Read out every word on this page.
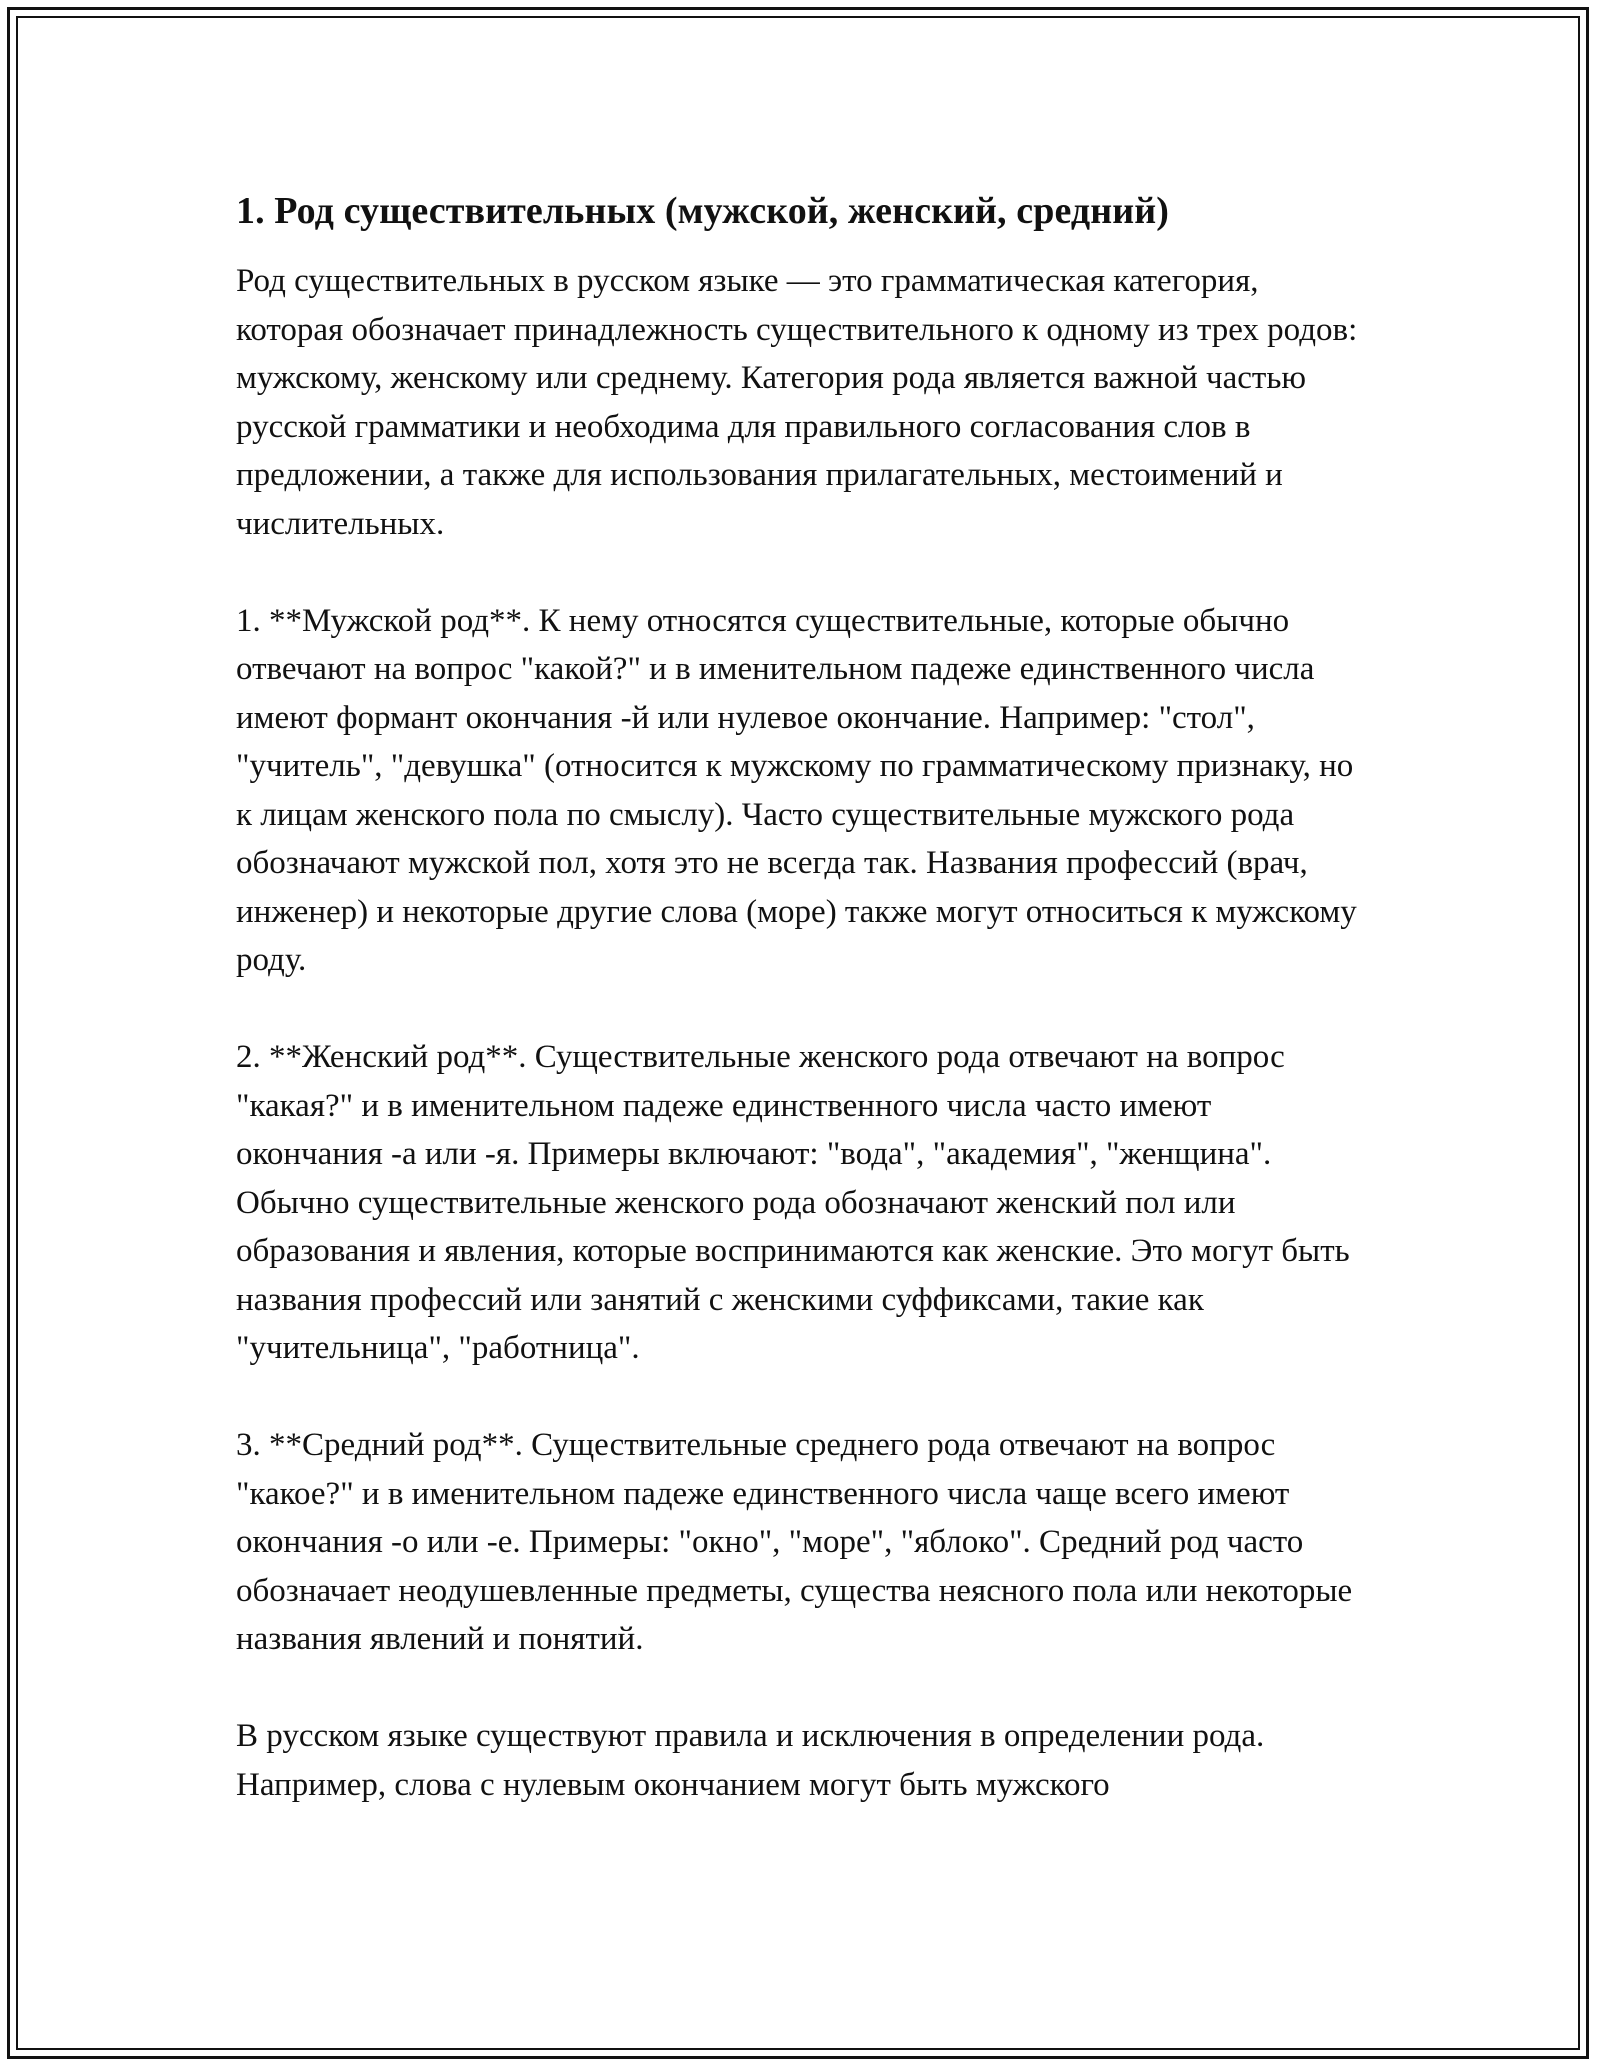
1. Род существительных (мужской, женский, средний)

Род существительных в русском языке — это грамматическая категория, которая обозначает принадлежность существительного к одному из трех родов: мужскому, женскому или среднему. Категория рода является важной частью русской грамматики и необходима для правильного согласования слов в предложении, а также для использования прилагательных, местоимений и числительных.

1. **Мужской род**. К нему относятся существительные, которые обычно отвечают на вопрос "какой?" и в именительном падеже единственного числа имеют формант окончания -й или нулевое окончание. Например: "стол", "учитель", "девушка" (относится к мужскому по грамматическому признаку, но к лицам женского пола по смыслу). Часто существительные мужского рода обозначают мужской пол, хотя это не всегда так. Названия профессий (врач, инженер) и некоторые другие слова (море) также могут относиться к мужскому роду.

2. **Женский род**. Существительные женского рода отвечают на вопрос "какая?" и в именительном падеже единственного числа часто имеют окончания -а или -я. Примеры включают: "вода", "академия", "женщина". Обычно существительные женского рода обозначают женский пол или образования и явления, которые воспринимаются как женские. Это могут быть названия профессий или занятий с женскими суффиксами, такие как "учительница", "работница".

3. **Средний род**. Существительные среднего рода отвечают на вопрос "какое?" и в именительном падеже единственного числа чаще всего имеют окончания -о или -е. Примеры: "окно", "море", "яблоко". Средний род часто обозначает неодушевленные предметы, существа неясного пола или некоторые названия явлений и понятий.

В русском языке существуют правила и исключения в определении рода. Например, слова с нулевым окончанием могут быть мужского
